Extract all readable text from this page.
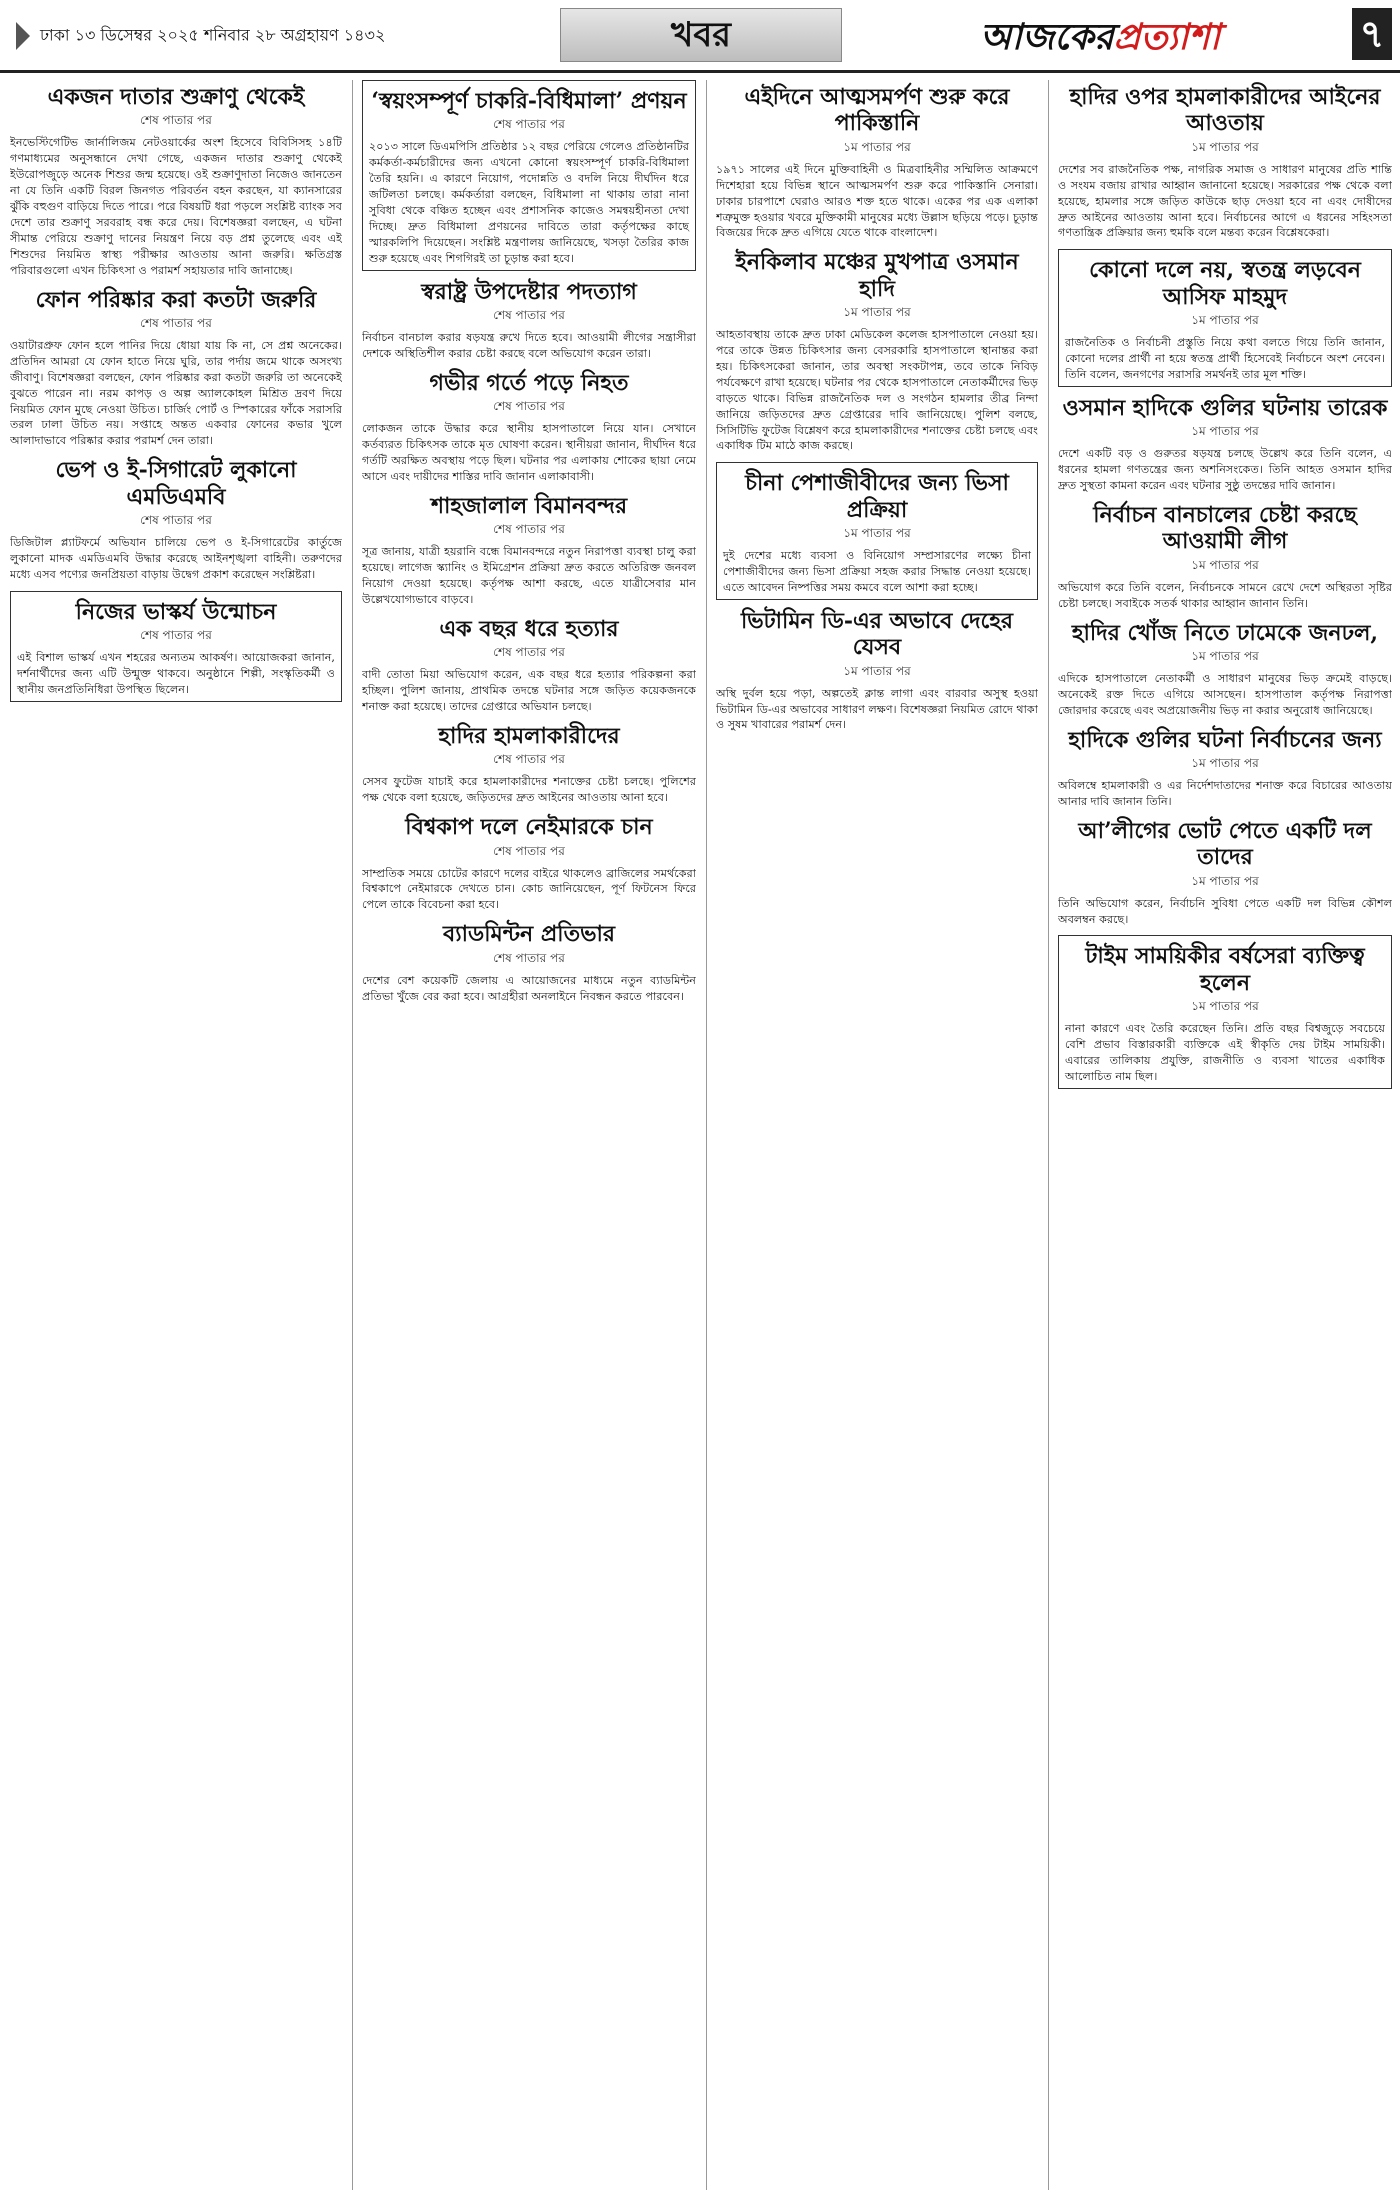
ঢাকা ১৩ ডিসেম্বর ২০২৫ শনিবার ২৮ অগ্রহায়ণ ১৪৩২	খবর	আজকেরপ্রত্যাশা	৭
একজন দাতার শুক্রাণু থেকেই
শেষ পাতার পর

ইনভেস্টিগেটিভ জার্নালিজম নেটওয়ার্কের অংশ হিসেবে বিবিসিসহ ১৪টি গণমাধ্যমের অনুসন্ধানে দেখা গেছে, একজন দাতার শুক্রাণু থেকেই ইউরোপজুড়ে অনেক শিশুর জন্ম হয়েছে। ওই শুক্রাণুদাতা নিজেও জানতেন না যে তিনি একটি বিরল জিনগত পরিবর্তন বহন করছেন, যা ক্যানসারের ঝুঁকি বহুগুণ বাড়িয়ে দিতে পারে। পরে বিষয়টি ধরা পড়লে সংশ্লিষ্ট ব্যাংক সব দেশে তার শুক্রাণু সরবরাহ বন্ধ করে দেয়। বিশেষজ্ঞরা বলছেন, এ ঘটনা সীমান্ত পেরিয়ে শুক্রাণু দানের নিয়ন্ত্রণ নিয়ে বড় প্রশ্ন তুলেছে এবং এই শিশুদের নিয়মিত স্বাস্থ্য পরীক্ষার আওতায় আনা জরুরি। ক্ষতিগ্রস্ত পরিবারগুলো এখন চিকিৎসা ও পরামর্শ সহায়তার দাবি জানাচ্ছে।

ফোন পরিষ্কার করা কতটা জরুরি
শেষ পাতার পর

ওয়াটারপ্রুফ ফোন হলে পানির দিয়ে ধোয়া যায় কি না, সে প্রশ্ন অনেকের। প্রতিদিন আমরা যে ফোন হাতে নিয়ে ঘুরি, তার পর্দায় জমে থাকে অসংখ্য জীবাণু। বিশেষজ্ঞরা বলছেন, ফোন পরিষ্কার করা কতটা জরুরি তা অনেকেই বুঝতে পারেন না। নরম কাপড় ও অল্প অ্যালকোহল মিশ্রিত দ্রবণ দিয়ে নিয়মিত ফোন মুছে নেওয়া উচিত। চার্জিং পোর্ট ও স্পিকারের ফাঁকে সরাসরি তরল ঢালা উচিত নয়। সপ্তাহে অন্তত একবার ফোনের কভার খুলে আলাদাভাবে পরিষ্কার করার পরামর্শ দেন তারা।

ভেপ ও ই-সিগারেট লুকানো এমডিএমবি
শেষ পাতার পর

ডিজিটাল প্ল্যাটফর্মে অভিযান চালিয়ে ভেপ ও ই-সিগারেটের কার্তুজে লুকানো মাদক এমডিএমবি উদ্ধার করেছে আইনশৃঙ্খলা বাহিনী। তরুণদের মধ্যে এসব পণ্যের জনপ্রিয়তা বাড়ায় উদ্বেগ প্রকাশ করেছেন সংশ্লিষ্টরা।

নিজের ভাস্কর্য উন্মোচন
শেষ পাতার পর

এই বিশাল ভাস্কর্য এখন শহরের অন্যতম আকর্ষণ। আয়োজকরা জানান, দর্শনার্থীদের জন্য এটি উন্মুক্ত থাকবে। অনুষ্ঠানে শিল্পী, সংস্কৃতিকর্মী ও স্থানীয় জনপ্রতিনিধিরা উপস্থিত ছিলেন।

‘স্বয়ংসম্পূর্ণ চাকরি-বিধিমালা’ প্রণয়ন
শেষ পাতার পর

২০১৩ সালে ডিএমপিসি প্রতিষ্ঠার ১২ বছর পেরিয়ে গেলেও প্রতিষ্ঠানটির কর্মকর্তা-কর্মচারীদের জন্য এখনো কোনো স্বয়ংসম্পূর্ণ চাকরি-বিধিমালা তৈরি হয়নি। এ কারণে নিয়োগ, পদোন্নতি ও বদলি নিয়ে দীর্ঘদিন ধরে জটিলতা চলছে। কর্মকর্তারা বলছেন, বিধিমালা না থাকায় তারা নানা সুবিধা থেকে বঞ্চিত হচ্ছেন এবং প্রশাসনিক কাজেও সমন্বয়হীনতা দেখা দিচ্ছে। দ্রুত বিধিমালা প্রণয়নের দাবিতে তারা কর্তৃপক্ষের কাছে স্মারকলিপি দিয়েছেন। সংশ্লিষ্ট মন্ত্রণালয় জানিয়েছে, খসড়া তৈরির কাজ শুরু হয়েছে এবং শিগগিরই তা চূড়ান্ত করা হবে।

স্বরাষ্ট্র উপদেষ্টার পদত্যাগ
শেষ পাতার পর

নির্বাচন বানচাল করার ষড়যন্ত্র রুখে দিতে হবে। আওয়ামী লীগের সন্ত্রাসীরা দেশকে অস্থিতিশীল করার চেষ্টা করছে বলে অভিযোগ করেন তারা।

গভীর গর্তে পড়ে নিহত
শেষ পাতার পর

লোকজন তাকে উদ্ধার করে স্থানীয় হাসপাতালে নিয়ে যান। সেখানে কর্তব্যরত চিকিৎসক তাকে মৃত ঘোষণা করেন। স্থানীয়রা জানান, দীর্ঘদিন ধরে গর্তটি অরক্ষিত অবস্থায় পড়ে ছিল। ঘটনার পর এলাকায় শোকের ছায়া নেমে আসে এবং দায়ীদের শাস্তির দাবি জানান এলাকাবাসী।

শাহজালাল বিমানবন্দর
শেষ পাতার পর

সূত্র জানায়, যাত্রী হয়রানি বন্ধে বিমানবন্দরে নতুন নিরাপত্তা ব্যবস্থা চালু করা হয়েছে। লাগেজ স্ক্যানিং ও ইমিগ্রেশন প্রক্রিয়া দ্রুত করতে অতিরিক্ত জনবল নিয়োগ দেওয়া হয়েছে। কর্তৃপক্ষ আশা করছে, এতে যাত্রীসেবার মান উল্লেখযোগ্যভাবে বাড়বে।

এক বছর ধরে হত্যার
শেষ পাতার পর

বাদী তোতা মিয়া অভিযোগ করেন, এক বছর ধরে হত্যার পরিকল্পনা করা হচ্ছিল। পুলিশ জানায়, প্রাথমিক তদন্তে ঘটনার সঙ্গে জড়িত কয়েকজনকে শনাক্ত করা হয়েছে। তাদের গ্রেপ্তারে অভিযান চলছে।

হাদির হামলাকারীদের
শেষ পাতার পর

সেসব ফুটেজ যাচাই করে হামলাকারীদের শনাক্তের চেষ্টা চলছে। পুলিশের পক্ষ থেকে বলা হয়েছে, জড়িতদের দ্রুত আইনের আওতায় আনা হবে।

বিশ্বকাপ দলে নেইমারকে চান
শেষ পাতার পর

সাম্প্রতিক সময়ে চোটের কারণে দলের বাইরে থাকলেও ব্রাজিলের সমর্থকেরা বিশ্বকাপে নেইমারকে দেখতে চান। কোচ জানিয়েছেন, পূর্ণ ফিটনেস ফিরে পেলে তাকে বিবেচনা করা হবে।

ব্যাডমিন্টন প্রতিভার
শেষ পাতার পর

দেশের বেশ কয়েকটি জেলায় এ আয়োজনের মাধ্যমে নতুন ব্যাডমিন্টন প্রতিভা খুঁজে বের করা হবে। আগ্রহীরা অনলাইনে নিবন্ধন করতে পারবেন।

এইদিনে আত্মসমর্পণ শুরু করে পাকিস্তানি
১ম পাতার পর

১৯৭১ সালের এই দিনে মুক্তিবাহিনী ও মিত্রবাহিনীর সম্মিলিত আক্রমণে দিশেহারা হয়ে বিভিন্ন স্থানে আত্মসমর্পণ শুরু করে পাকিস্তানি সেনারা। ঢাকার চারপাশে ঘেরাও আরও শক্ত হতে থাকে। একের পর এক এলাকা শত্রুমুক্ত হওয়ার খবরে মুক্তিকামী মানুষের মধ্যে উল্লাস ছড়িয়ে পড়ে। চূড়ান্ত বিজয়ের দিকে দ্রুত এগিয়ে যেতে থাকে বাংলাদেশ।

ইনকিলাব মঞ্চের মুখপাত্র ওসমান হাদি
১ম পাতার পর

আহতাবস্থায় তাকে দ্রুত ঢাকা মেডিকেল কলেজ হাসপাতালে নেওয়া হয়। পরে তাকে উন্নত চিকিৎসার জন্য বেসরকারি হাসপাতালে স্থানান্তর করা হয়। চিকিৎসকেরা জানান, তার অবস্থা সংকটাপন্ন, তবে তাকে নিবিড় পর্যবেক্ষণে রাখা হয়েছে। ঘটনার পর থেকে হাসপাতালে নেতাকর্মীদের ভিড় বাড়তে থাকে। বিভিন্ন রাজনৈতিক দল ও সংগঠন হামলার তীব্র নিন্দা জানিয়ে জড়িতদের দ্রুত গ্রেপ্তারের দাবি জানিয়েছে। পুলিশ বলছে, সিসিটিভি ফুটেজ বিশ্লেষণ করে হামলাকারীদের শনাক্তের চেষ্টা চলছে এবং একাধিক টিম মাঠে কাজ করছে।

চীনা পেশাজীবীদের জন্য ভিসা প্রক্রিয়া
১ম পাতার পর

দুই দেশের মধ্যে ব্যবসা ও বিনিয়োগ সম্প্রসারণের লক্ষ্যে চীনা পেশাজীবীদের জন্য ভিসা প্রক্রিয়া সহজ করার সিদ্ধান্ত নেওয়া হয়েছে। এতে আবেদন নিষ্পত্তির সময় কমবে বলে আশা করা হচ্ছে।

ভিটামিন ডি-এর অভাবে দেহের যেসব
১ম পাতার পর

অস্থি দুর্বল হয়ে পড়া, অল্পতেই ক্লান্ত লাগা এবং বারবার অসুস্থ হওয়া ভিটামিন ডি-এর অভাবের সাধারণ লক্ষণ। বিশেষজ্ঞরা নিয়মিত রোদে থাকা ও সুষম খাবারের পরামর্শ দেন।

হাদির ওপর হামলাকারীদের আইনের আওতায়
১ম পাতার পর

দেশের সব রাজনৈতিক পক্ষ, নাগরিক সমাজ ও সাধারণ মানুষের প্রতি শান্তি ও সংযম বজায় রাখার আহ্বান জানানো হয়েছে। সরকারের পক্ষ থেকে বলা হয়েছে, হামলার সঙ্গে জড়িত কাউকে ছাড় দেওয়া হবে না এবং দোষীদের দ্রুত আইনের আওতায় আনা হবে। নির্বাচনের আগে এ ধরনের সহিংসতা গণতান্ত্রিক প্রক্রিয়ার জন্য হুমকি বলে মন্তব্য করেন বিশ্লেষকেরা।

কোনো দলে নয়, স্বতন্ত্র লড়বেন আসিফ মাহমুদ
১ম পাতার পর

রাজনৈতিক ও নির্বাচনী প্রস্তুতি নিয়ে কথা বলতে গিয়ে তিনি জানান, কোনো দলের প্রার্থী না হয়ে স্বতন্ত্র প্রার্থী হিসেবেই নির্বাচনে অংশ নেবেন। তিনি বলেন, জনগণের সরাসরি সমর্থনই তার মূল শক্তি।

ওসমান হাদিকে গুলির ঘটনায় তারেক
১ম পাতার পর

দেশে একটি বড় ও গুরুতর ষড়যন্ত্র চলছে উল্লেখ করে তিনি বলেন, এ ধরনের হামলা গণতন্ত্রের জন্য অশনিসংকেত। তিনি আহত ওসমান হাদির দ্রুত সুস্থতা কামনা করেন এবং ঘটনার সুষ্ঠু তদন্তের দাবি জানান।

নির্বাচন বানচালের চেষ্টা করছে আওয়ামী লীগ
১ম পাতার পর

অভিযোগ করে তিনি বলেন, নির্বাচনকে সামনে রেখে দেশে অস্থিরতা সৃষ্টির চেষ্টা চলছে। সবাইকে সতর্ক থাকার আহ্বান জানান তিনি।

হাদির খোঁজ নিতে ঢামেকে জনঢল,
১ম পাতার পর

এদিকে হাসপাতালে নেতাকর্মী ও সাধারণ মানুষের ভিড় ক্রমেই বাড়ছে। অনেকেই রক্ত দিতে এগিয়ে আসছেন। হাসপাতাল কর্তৃপক্ষ নিরাপত্তা জোরদার করেছে এবং অপ্রয়োজনীয় ভিড় না করার অনুরোধ জানিয়েছে।

হাদিকে গুলির ঘটনা নির্বাচনের জন্য
১ম পাতার পর

অবিলম্বে হামলাকারী ও এর নির্দেশদাতাদের শনাক্ত করে বিচারের আওতায় আনার দাবি জানান তিনি।

আ’লীগের ভোট পেতে একটি দল তাদের
১ম পাতার পর

তিনি অভিযোগ করেন, নির্বাচনি সুবিধা পেতে একটি দল বিভিন্ন কৌশল অবলম্বন করছে।

টাইম সাময়িকীর বর্ষসেরা ব্যক্তিত্ব হলেন
১ম পাতার পর

নানা কারণে এবং তৈরি করেছেন তিনি। প্রতি বছর বিশ্বজুড়ে সবচেয়ে বেশি প্রভাব বিস্তারকারী ব্যক্তিকে এই স্বীকৃতি দেয় টাইম সাময়িকী। এবারের তালিকায় প্রযুক্তি, রাজনীতি ও ব্যবসা খাতের একাধিক আলোচিত নাম ছিল।
